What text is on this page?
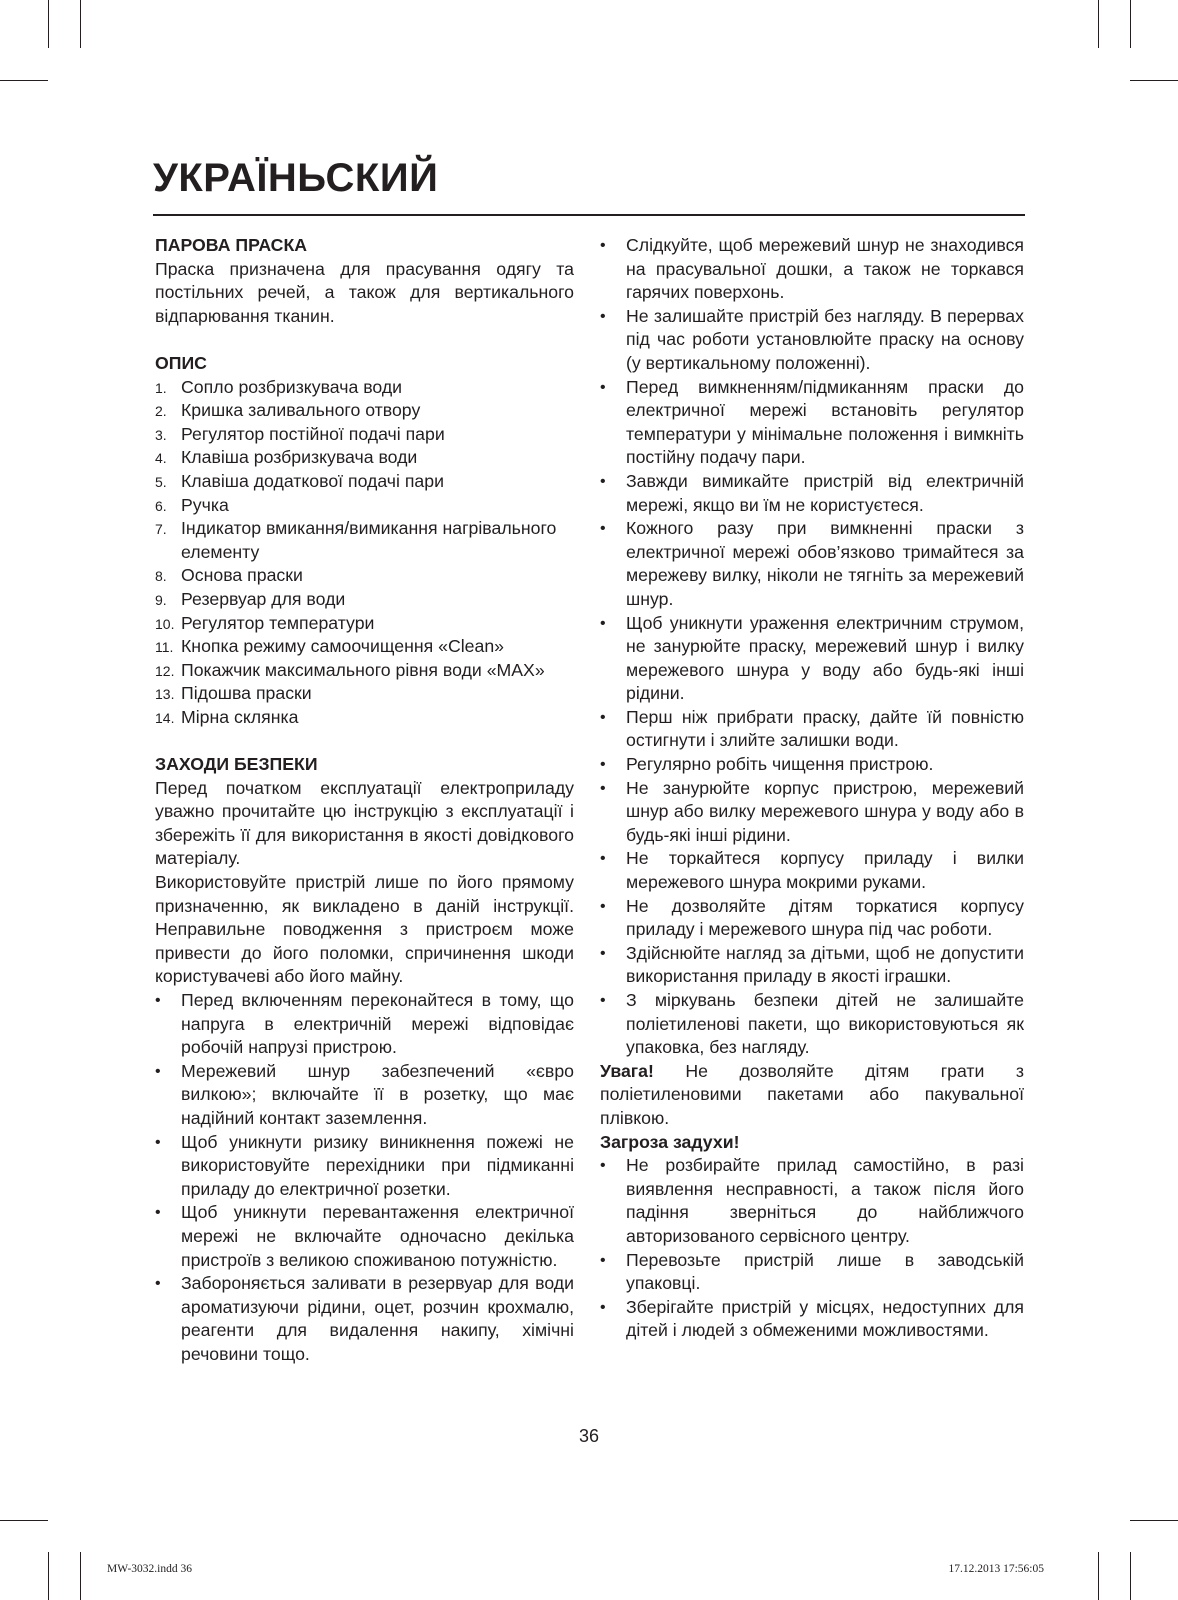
УКРАЇНЬСКИЙ

ПАРОВА ПРАСКА

Праска призначена для прасування одягу та постільних речей, а також для вертикального відпарювання тканин.

ОПИС

1. Сопло розбризкувача води
2. Кришка заливального отвору
3. Регулятор постійної подачі пари
4. Клавіша розбризкувача води
5. Клавіша додаткової подачі пари
6. Ручка
7. Індикатор вмикання/вимикання нагрівального елементу
8. Основа праски
9. Резервуар для води
10. Регулятор температури
11. Кнопка режиму самоочищення «Clean»
12. Покажчик максимального рівня води «MAX»
13. Підошва праски
14. Мірна склянка

ЗАХОДИ БЕЗПЕКИ

Перед початком експлуатації електроприладу уважно прочитайте цю інструкцію з експлуатації і збережіть її для використання в якості довідкового матеріалу.

Використовуйте пристрій лише по його прямому призначенню, як викладено в даній інструкції. Неправильне поводження з пристроєм може привести до його поломки, спричинення шкоди користувачеві або його майну.

• Перед включенням переконайтеся в тому, що напруга в електричній мережі відповідає робочій напрузі пристрою.
• Мережевий шнур забезпечений «євро вилкою»; включайте її в розетку, що має надійний контакт заземлення.
• Щоб уникнути ризику виникнення пожежі не використовуйте перехідники при підмиканні приладу до електричної розетки.
• Щоб уникнути перевантаження електричної мережі не включайте одночасно декілька пристроїв з великою споживаною потужністю.
• Забороняється заливати в резервуар для води ароматизуючи рідини, оцет, розчин крохмалю, реагенти для видалення накипу, хімічні речовини тощо.
• Слідкуйте, щоб мережевий шнур не знаходився на прасувальної дошки, а також не торкався гарячих поверхонь.
• Не залишайте пристрій без нагляду. В перервах під час роботи установлюйте праску на основу (у вертикальному положенні).
• Перед вимкненням/підмиканням праски до електричної мережі встановіть регулятор температури у мінімальне положення і вимкніть постійну подачу пари.
• Завжди вимикайте пристрій від електричній мережі, якщо ви їм не користуєтеся.
• Кожного разу при вимкненні праски з електричної мережі обов’язково тримайтеся за мережеву вилку, ніколи не тягніть за мережевий шнур.
• Щоб уникнути ураження електричним струмом, не занурюйте праску, мережевий шнур і вилку мережевого шнура у воду або будь-які інші рідини.
• Перш ніж прибрати праску, дайте їй повністю остигнути і злийте залишки води.
• Регулярно робіть чищення пристрою.
• Не занурюйте корпус пристрою, мережевий шнур або вилку мережевого шнура у воду або в будь-які інші рідини.
• Не торкайтеся корпусу приладу і вилки мережевого шнура мокрими руками.
• Не дозволяйте дітям торкатися корпусу приладу і мережевого шнура під час роботи.
• Здійснюйте нагляд за дітьми, щоб не допустити використання приладу в якості іграшки.
• З міркувань безпеки дітей не залишайте поліетиленові пакети, що використовуються як упаковка, без нагляду.

Увага! Не дозволяйте дітям грати з поліетиленовими пакетами або пакувальної плівкою.

Загроза задухи!

• Не розбирайте прилад самостійно, в разі виявлення несправності, а також після його падіння зверніться до найближчого авторизованого сервісного центру.
• Перевозьте пристрій лише в заводській упаковці.
• Зберігайте пристрій у місцях, недоступних для дітей і людей з обмеженими можливостями.
36
MW-3032.indd 36	17.12.2013 17:56:05
